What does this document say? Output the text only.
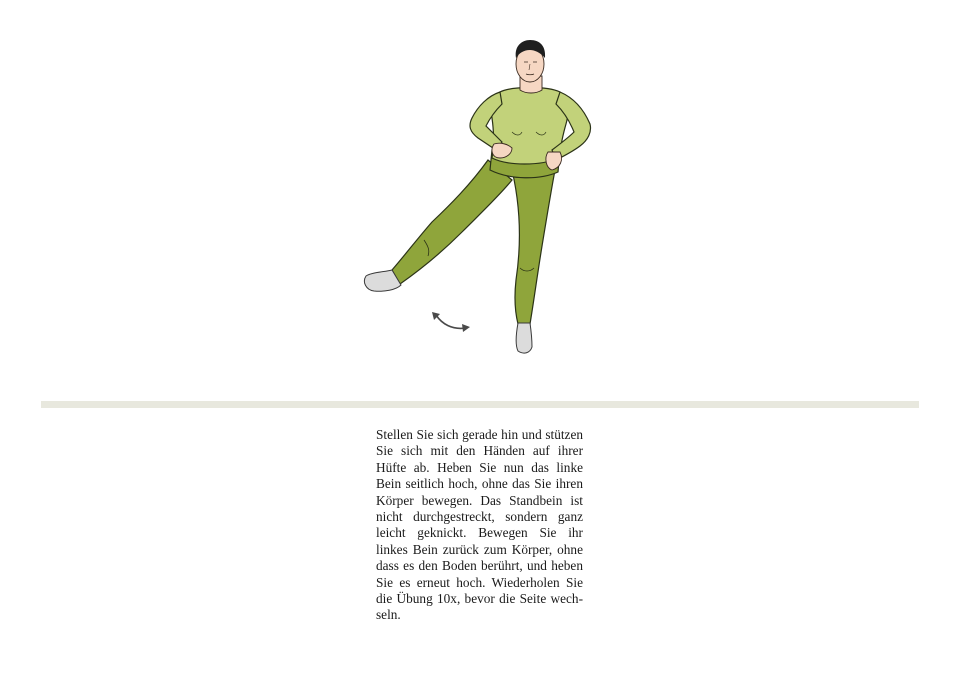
Stellen Sie sich gerade hin und stützen Sie sich mit den Händen auf ihrer Hüfte ab. Heben Sie nun das linke Bein seitlich hoch, ohne das Sie ihren Körper bewegen. Das Standbein ist nicht durchgestreckt, sondern ganz leicht geknickt. Bewegen Sie ihr linkes Bein zurück zum Körper, ohne dass es den Boden berührt, und heben Sie es erneut hoch. Wiederholen Sie die Übung 10x, bevor die Seite wechseln.
